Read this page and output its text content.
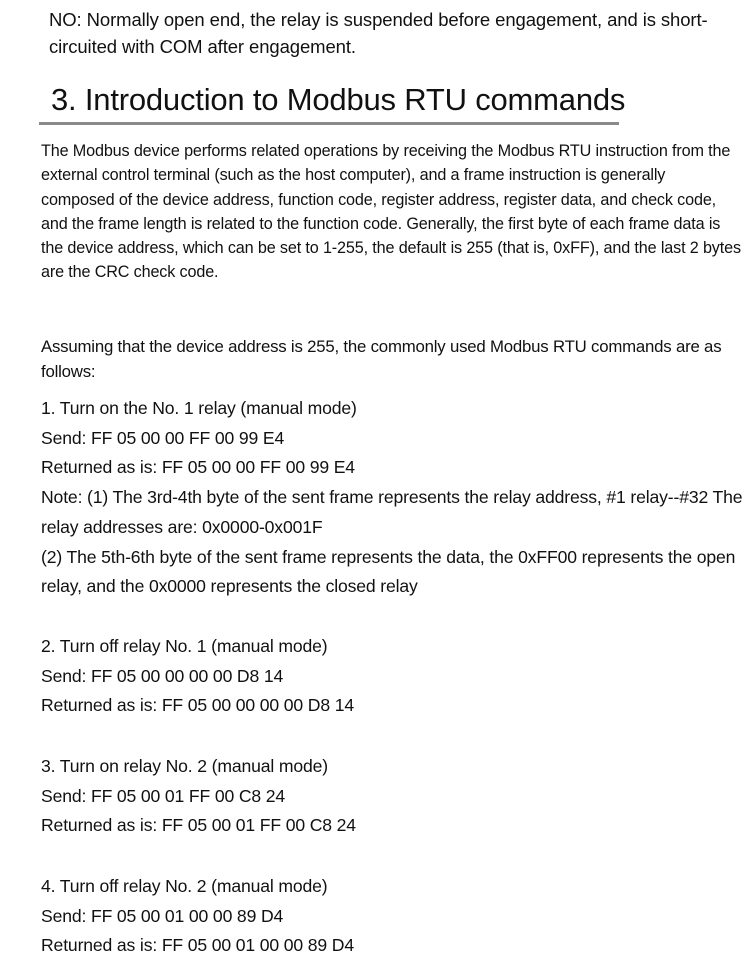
NO: Normally open end, the relay is suspended before engagement, and is short-circuited with COM after engagement.

3. Introduction to Modbus RTU commands

The Modbus device performs related operations by receiving the Modbus RTU instruction from the external control terminal (such as the host computer), and a frame instruction is generally composed of the device address, function code, register address, register data, and check code, and the frame length is related to the function code. Generally, the first byte of each frame data is the device address, which can be set to 1-255, the default is 255 (that is, 0xFF), and the last 2 bytes are the CRC check code.

Assuming that the device address is 255, the commonly used Modbus RTU commands are as follows:

1. Turn on the No. 1 relay (manual mode)
Send: FF 05 00 00 FF 00 99 E4
Returned as is: FF 05 00 00 FF 00 99 E4
Note: (1) The 3rd-4th byte of the sent frame represents the relay address, #1 relay--#32 The relay addresses are: 0x0000-0x001F
(2) The 5th-6th byte of the sent frame represents the data, the 0xFF00 represents the open relay, and the 0x0000 represents the closed relay
2. Turn off relay No. 1 (manual mode)
Send: FF 05 00 00 00 00 D8 14
Returned as is: FF 05 00 00 00 00 D8 14
3. Turn on relay No. 2 (manual mode)
Send: FF 05 00 01 FF 00 C8 24
Returned as is: FF 05 00 01 FF 00 C8 24
4. Turn off relay No. 2 (manual mode)
Send: FF 05 00 01 00 00 89 D4
Returned as is: FF 05 00 01 00 00 89 D4
